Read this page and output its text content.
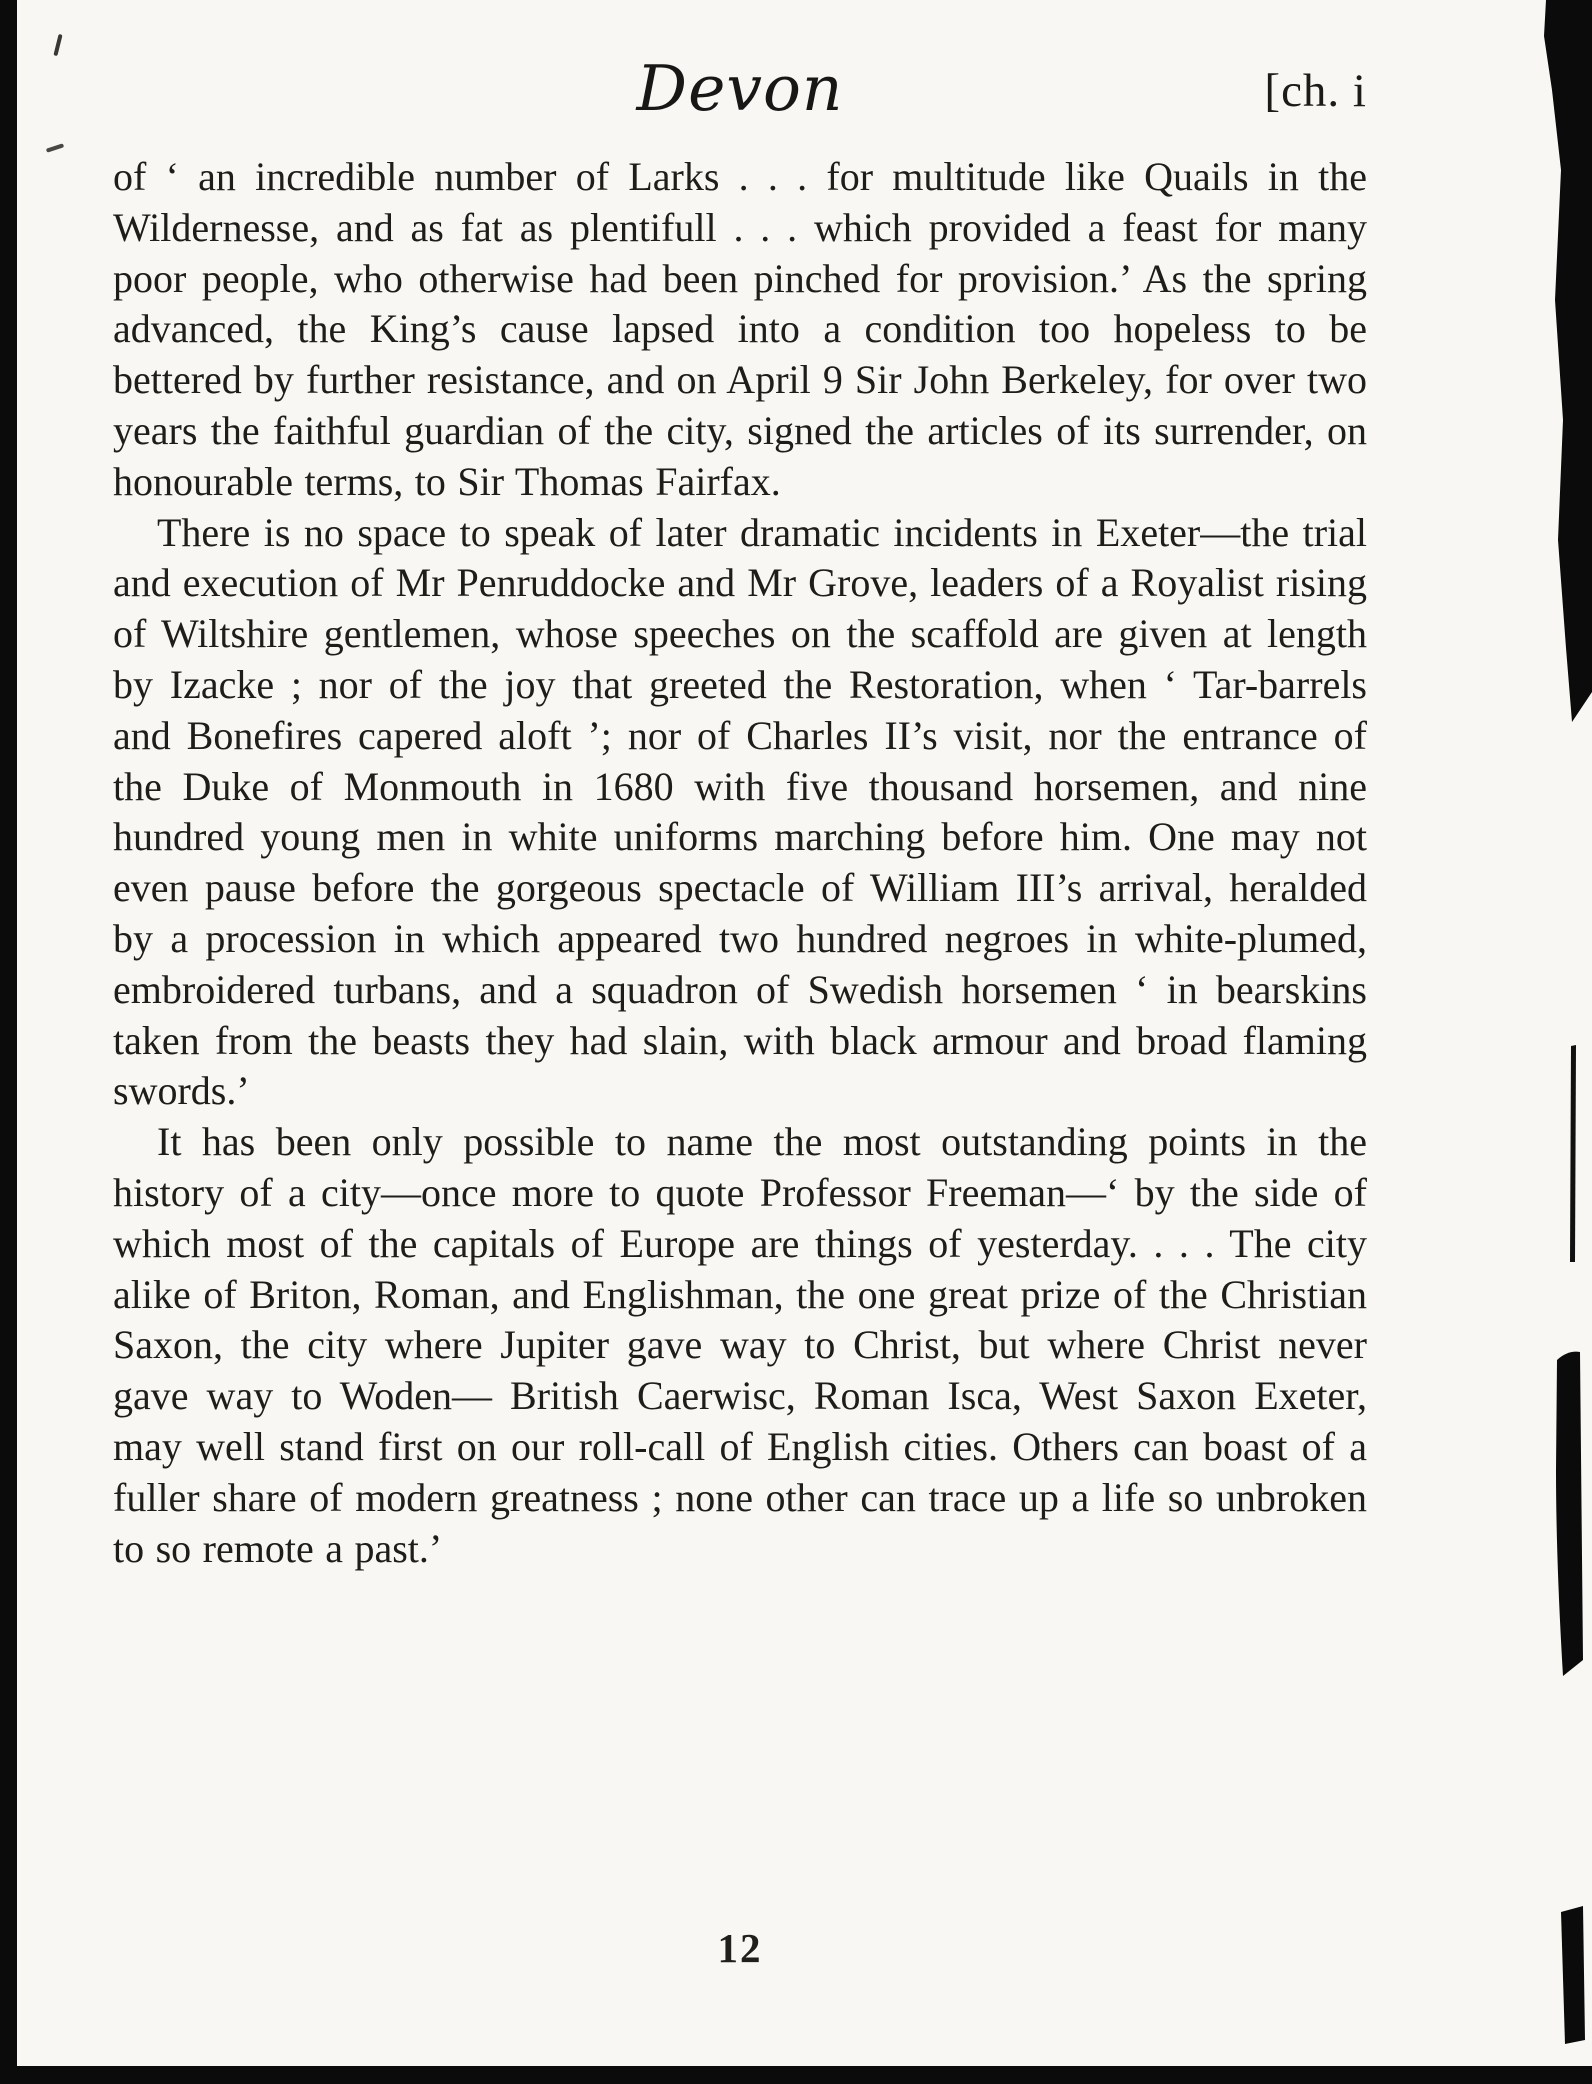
Devon	[ch. i

of ‘ an incredible number of Larks . . . for multitude like Quails in the Wildernesse, and as fat as plentifull . . . which provided a feast for many poor people, who otherwise had been pinched for provision.’ As the spring advanced, the King’s cause lapsed into a condition too hopeless to be bettered by further resistance, and on April 9 Sir John Berkeley, for over two years the faithful guardian of the city, signed the articles of its surrender, on honourable terms, to Sir Thomas Fairfax.

There is no space to speak of later dramatic incidents in Exeter—the trial and execution of Mr Penruddocke and Mr Grove, leaders of a Royalist rising of Wiltshire gentlemen, whose speeches on the scaffold are given at length by Izacke ; nor of the joy that greeted the Restoration, when ‘ Tar-barrels and Bonefires capered aloft ’; nor of Charles II’s visit, nor the entrance of the Duke of Monmouth in 1680 with five thousand horsemen, and nine hundred young men in white uniforms marching before him. One may not even pause before the gorgeous spectacle of William III’s arrival, heralded by a procession in which appeared two hundred negroes in white-plumed, embroidered turbans, and a squadron of Swedish horsemen ‘ in bearskins taken from the beasts they had slain, with black armour and broad flaming swords.’

It has been only possible to name the most outstanding points in the history of a city—once more to quote Professor Freeman—‘ by the side of which most of the capitals of Europe are things of yesterday. . . . The city alike of Briton, Roman, and Englishman, the one great prize of the Christian Saxon, the city where Jupiter gave way to Christ, but where Christ never gave way to Woden— British Caerwisc, Roman Isca, West Saxon Exeter, may well stand first on our roll-call of English cities. Others can boast of a fuller share of modern greatness ; none other can trace up a life so unbroken to so remote a past.’

12
